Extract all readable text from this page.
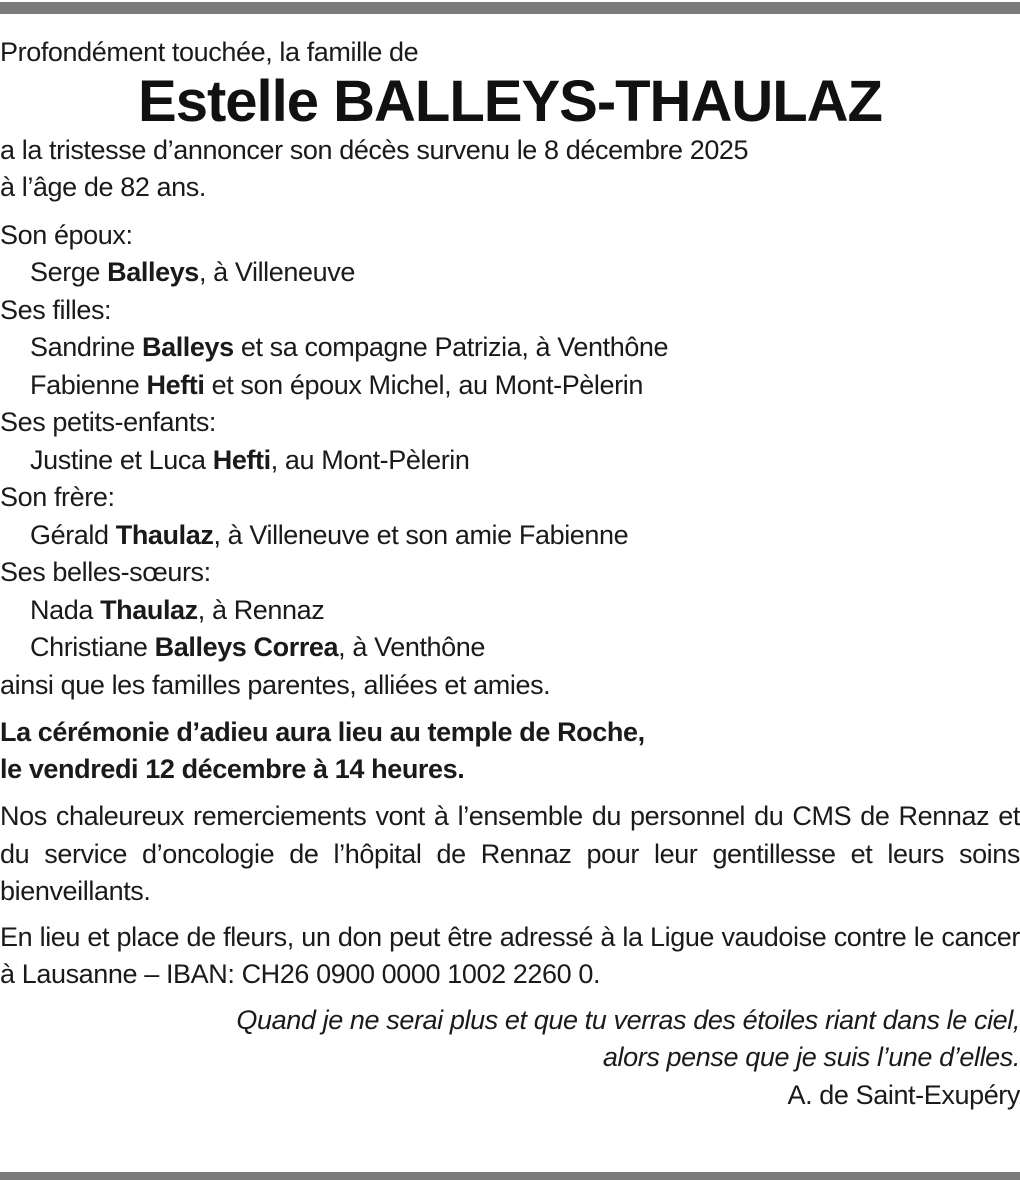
Profondément touchée, la famille de

Estelle BALLEYS-THAULAZ

a la tristesse d’annoncer son décès survenu le 8 décembre 2025

à l’âge de 82 ans.

Son époux:

Serge Balleys, à Villeneuve

Ses filles:

Sandrine Balleys et sa compagne Patrizia, à Venthône

Fabienne Hefti et son époux Michel, au Mont-Pèlerin

Ses petits-enfants:

Justine et Luca Hefti, au Mont-Pèlerin

Son frère:

Gérald Thaulaz, à Villeneuve et son amie Fabienne

Ses belles-sœurs:

Nada Thaulaz, à Rennaz

Christiane Balleys Correa, à Venthône

ainsi que les familles parentes, alliées et amies.

La cérémonie d’adieu aura lieu au temple de Roche,

le vendredi 12 décembre à 14 heures.

Nos chaleureux remerciements vont à l’ensemble du personnel du CMS de Rennaz et du service d’oncologie de l’hôpital de Rennaz pour leur gentillesse et leurs soins bienveillants.

En lieu et place de fleurs, un don peut être adressé à la Ligue vaudoise contre le cancer à Lausanne – IBAN: CH26 0900 0000 1002 2260 0.

Quand je ne serai plus et que tu verras des étoiles riant dans le ciel,

alors pense que je suis l’une d’elles.

A. de Saint-Exupéry
